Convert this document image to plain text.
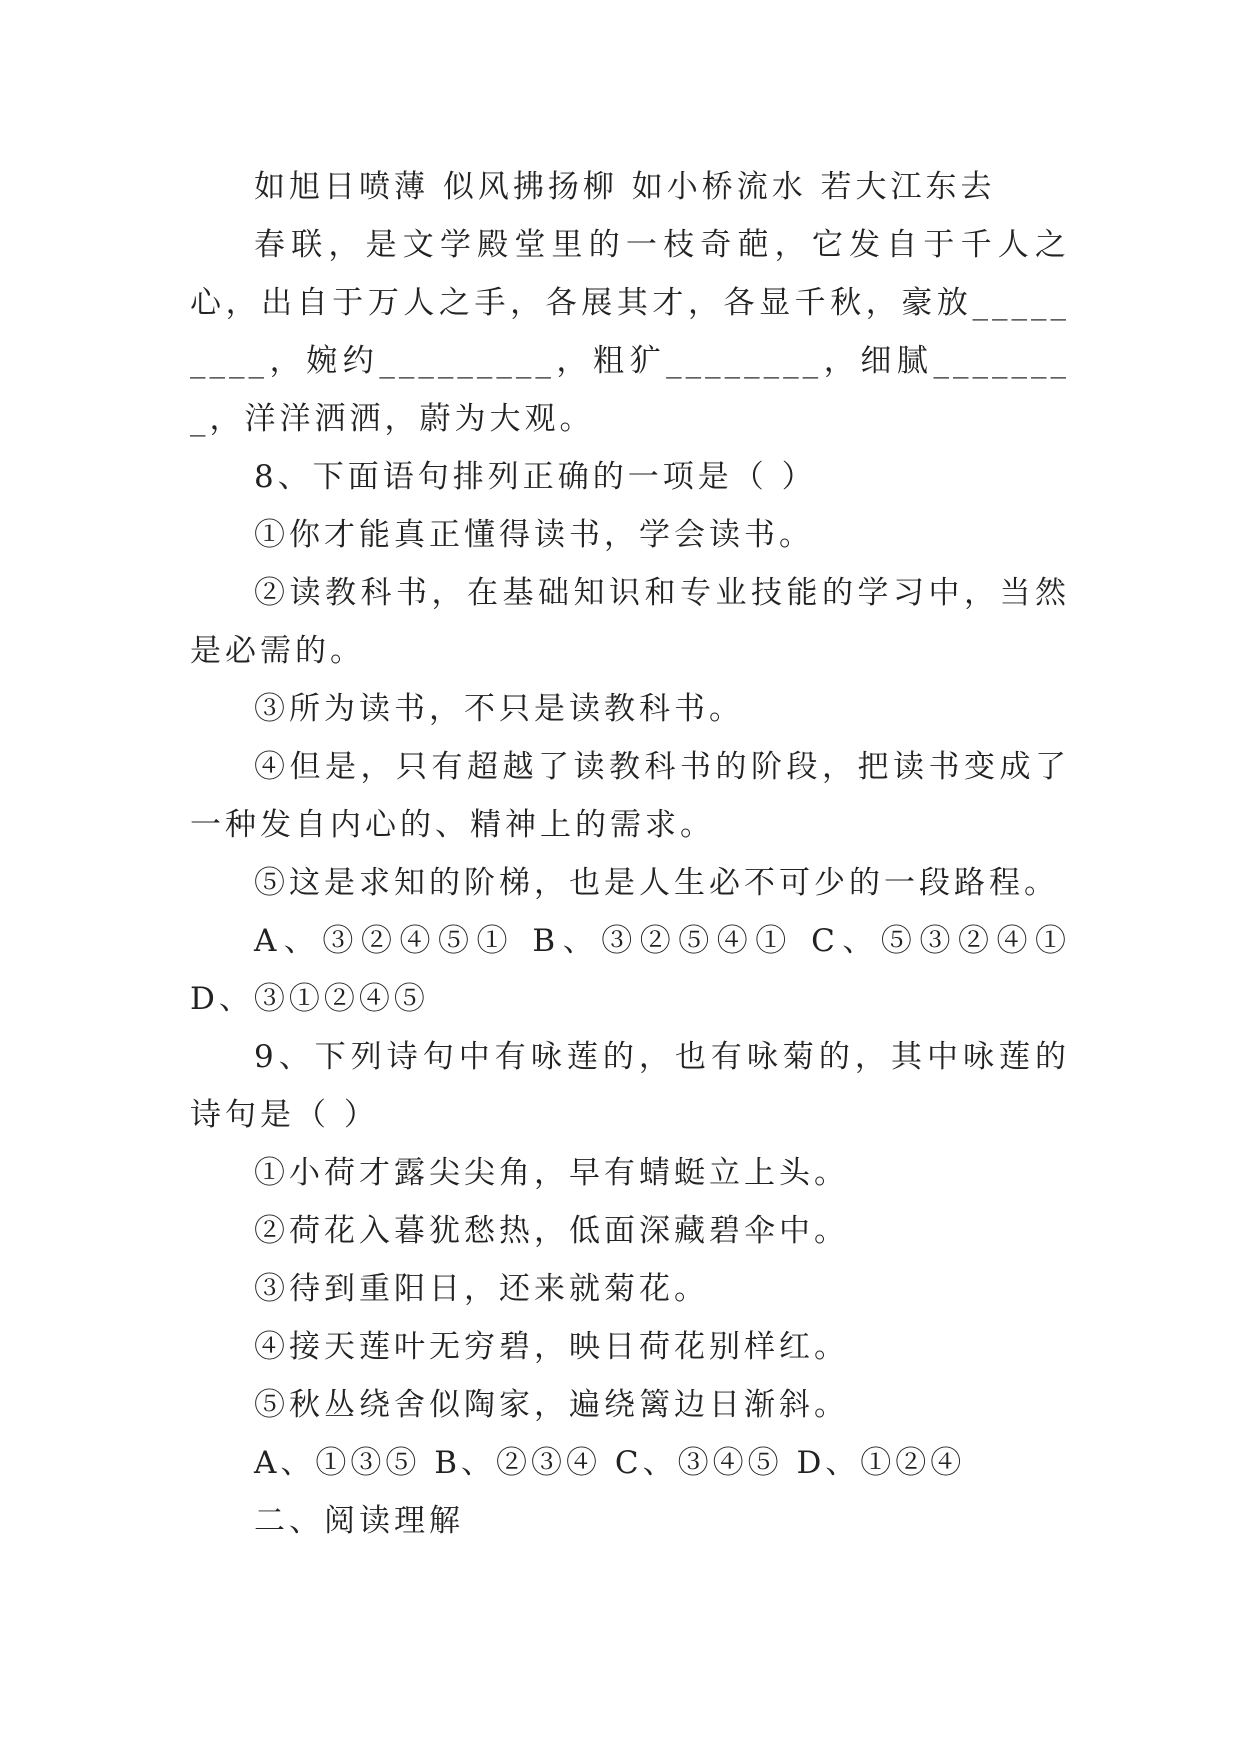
如旭日喷薄 似风拂扬柳 如小桥流水 若大江东去

春联，是文学殿堂里的一枝奇葩，它发自于千人之心，出自于万人之手，各展其才，各显千秋，豪放_________，婉约_________，粗犷________，细腻________，洋洋洒洒，蔚为大观。

8、下面语句排列正确的一项是（ ）

①你才能真正懂得读书，学会读书。

②读教科书，在基础知识和专业技能的学习中，当然是必需的。

③所为读书，不只是读教科书。

④但是，只有超越了读教科书的阶段，把读书变成了一种发自内心的、精神上的需求。

⑤这是求知的阶梯，也是人生必不可少的一段路程。

A、③②④⑤① B、③②⑤④① C、⑤③②④① D、③①②④⑤

9、下列诗句中有咏莲的，也有咏菊的，其中咏莲的诗句是（ ）

①小荷才露尖尖角，早有蜻蜓立上头。

②荷花入暮犹愁热，低面深藏碧伞中。

③待到重阳日，还来就菊花。

④接天莲叶无穷碧，映日荷花别样红。

⑤秋丛绕舍似陶家，遍绕篱边日渐斜。

A、①③⑤ B、②③④ C、③④⑤ D、①②④

二、阅读理解
